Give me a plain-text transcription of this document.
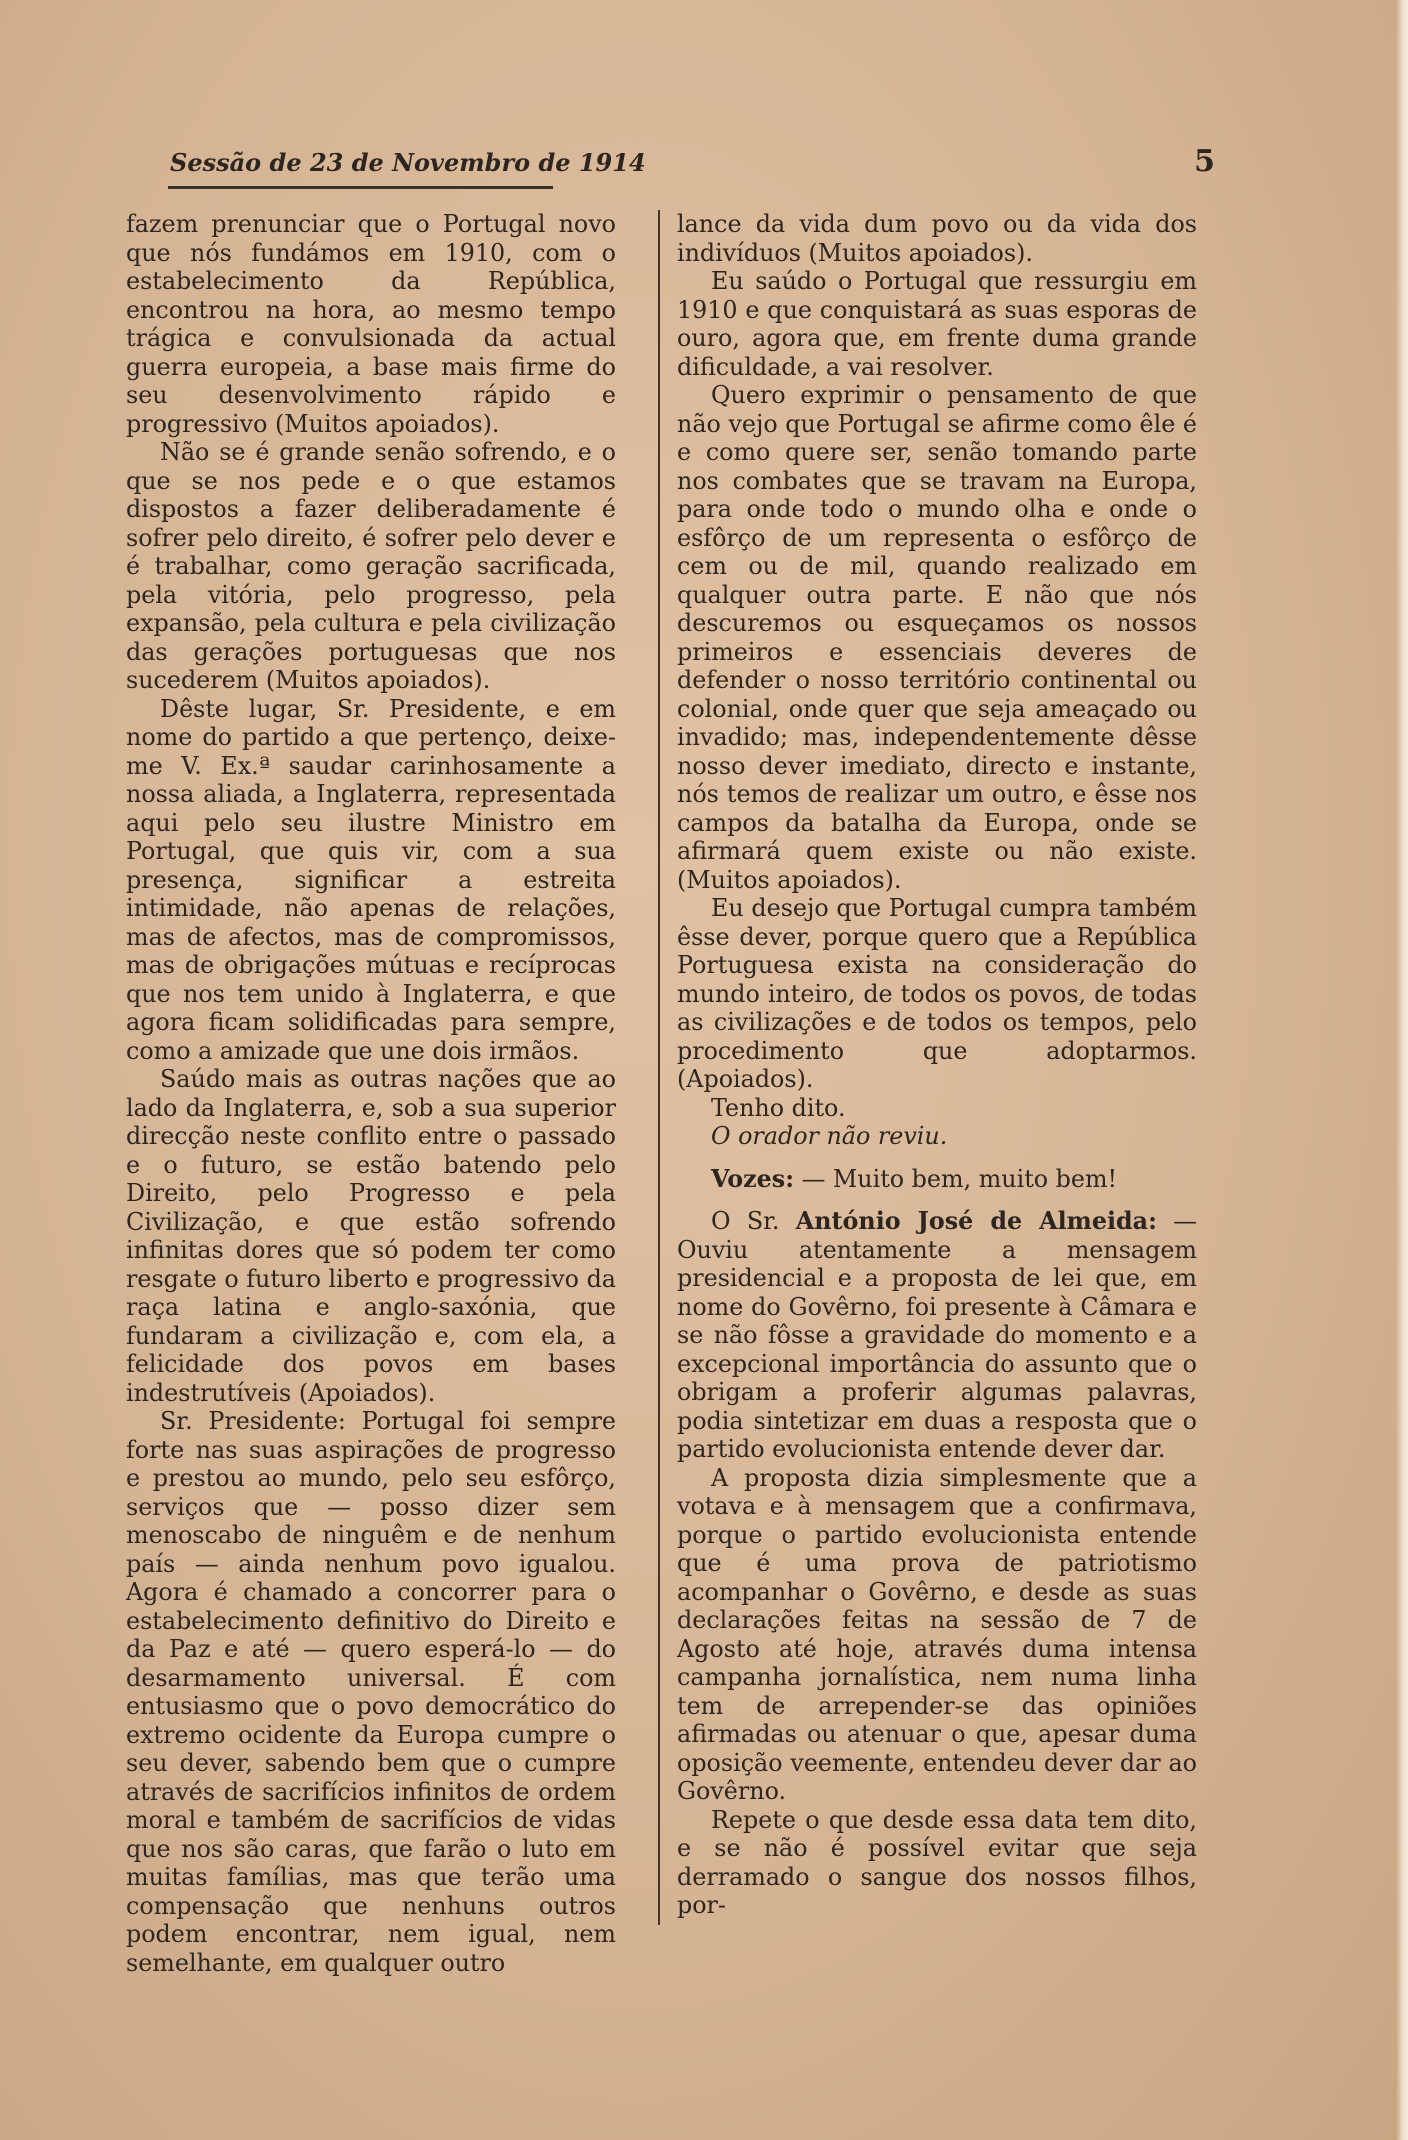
Sessão de 23 de Novembro de 1914	5

fazem prenunciar que o Portugal novo que nós fundámos em 1910, com o estabelecimento da República, encontrou na hora, ao mesmo tempo trágica e convulsionada da actual guerra europeia, a base mais firme do seu desenvolvimento rápido e progressivo (Muitos apoiados).

Não se é grande senão sofrendo, e o que se nos pede e o que estamos dispostos a fazer deliberadamente é sofrer pelo direito, é sofrer pelo dever e é trabalhar, como geração sacrificada, pela vitória, pelo progresso, pela expansão, pela cultura e pela civilização das gerações portuguesas que nos sucederem (Muitos apoiados).

Dêste lugar, Sr. Presidente, e em nome do partido a que pertenço, deixe-me V. Ex.ª saudar carinhosamente a nossa aliada, a Inglaterra, representada aqui pelo seu ilustre Ministro em Portugal, que quis vir, com a sua presença, significar a estreita intimidade, não apenas de relações, mas de afectos, mas de compromissos, mas de obrigações mútuas e recíprocas que nos tem unido à Inglaterra, e que agora ficam solidificadas para sempre, como a amizade que une dois irmãos.

Saúdo mais as outras nações que ao lado da Inglaterra, e, sob a sua superior direcção neste conflito entre o passado e o futuro, se estão batendo pelo Direito, pelo Progresso e pela Civilização, e que estão sofrendo infinitas dores que só podem ter como resgate o futuro liberto e progressivo da raça latina e anglo-saxónia, que fundaram a civilização e, com ela, a felicidade dos povos em bases indestrutíveis (Apoiados).

Sr. Presidente: Portugal foi sempre forte nas suas aspirações de progresso e prestou ao mundo, pelo seu esfôrço, serviços que — posso dizer sem menoscabo de ninguêm e de nenhum país — ainda nenhum povo igualou. Agora é chamado a concorrer para o estabelecimento definitivo do Direito e da Paz e até — quero esperá-lo — do desarmamento universal. É com entusiasmo que o povo democrático do extremo ocidente da Europa cumpre o seu dever, sabendo bem que o cumpre através de sacrifícios infinitos de ordem moral e também de sacrifícios de vidas que nos são caras, que farão o luto em muitas famílias, mas que terão uma compensação que nenhuns outros podem encontrar, nem igual, nem semelhante, em qualquer outro

lance da vida dum povo ou da vida dos indivíduos (Muitos apoiados).

Eu saúdo o Portugal que ressurgiu em 1910 e que conquistará as suas esporas de ouro, agora que, em frente duma grande dificuldade, a vai resolver.

Quero exprimir o pensamento de que não vejo que Portugal se afirme como êle é e como quere ser, senão tomando parte nos combates que se travam na Europa, para onde todo o mundo olha e onde o esfôrço de um representa o esfôrço de cem ou de mil, quando realizado em qualquer outra parte. E não que nós descuremos ou esqueçamos os nossos primeiros e essenciais deveres de defender o nosso território continental ou colonial, onde quer que seja ameaçado ou invadido; mas, independentemente dêsse nosso dever imediato, directo e instante, nós temos de realizar um outro, e êsse nos campos da batalha da Europa, onde se afirmará quem existe ou não existe. (Muitos apoiados).

Eu desejo que Portugal cumpra também êsse dever, porque quero que a República Portuguesa exista na consideração do mundo inteiro, de todos os povos, de todas as civilizações e de todos os tempos, pelo procedimento que adoptarmos. (Apoiados).

Tenho dito.

O orador não reviu.

Vozes: — Muito bem, muito bem!

O Sr. António José de Almeida: — Ouviu atentamente a mensagem presidencial e a proposta de lei que, em nome do Govêrno, foi presente à Câmara e se não fôsse a gravidade do momento e a excepcional importância do assunto que o obrigam a proferir algumas palavras, podia sintetizar em duas a resposta que o partido evolucionista entende dever dar.

A proposta dizia simplesmente que a votava e à mensagem que a confirmava, porque o partido evolucionista entende que é uma prova de patriotismo acompanhar o Govêrno, e desde as suas declarações feitas na sessão de 7 de Agosto até hoje, através duma intensa campanha jornalística, nem numa linha tem de arrepender-se das opiniões afirmadas ou atenuar o que, apesar duma oposição veemente, entendeu dever dar ao Govêrno.

Repete o que desde essa data tem dito, e se não é possível evitar que seja derramado o sangue dos nossos filhos, por-
